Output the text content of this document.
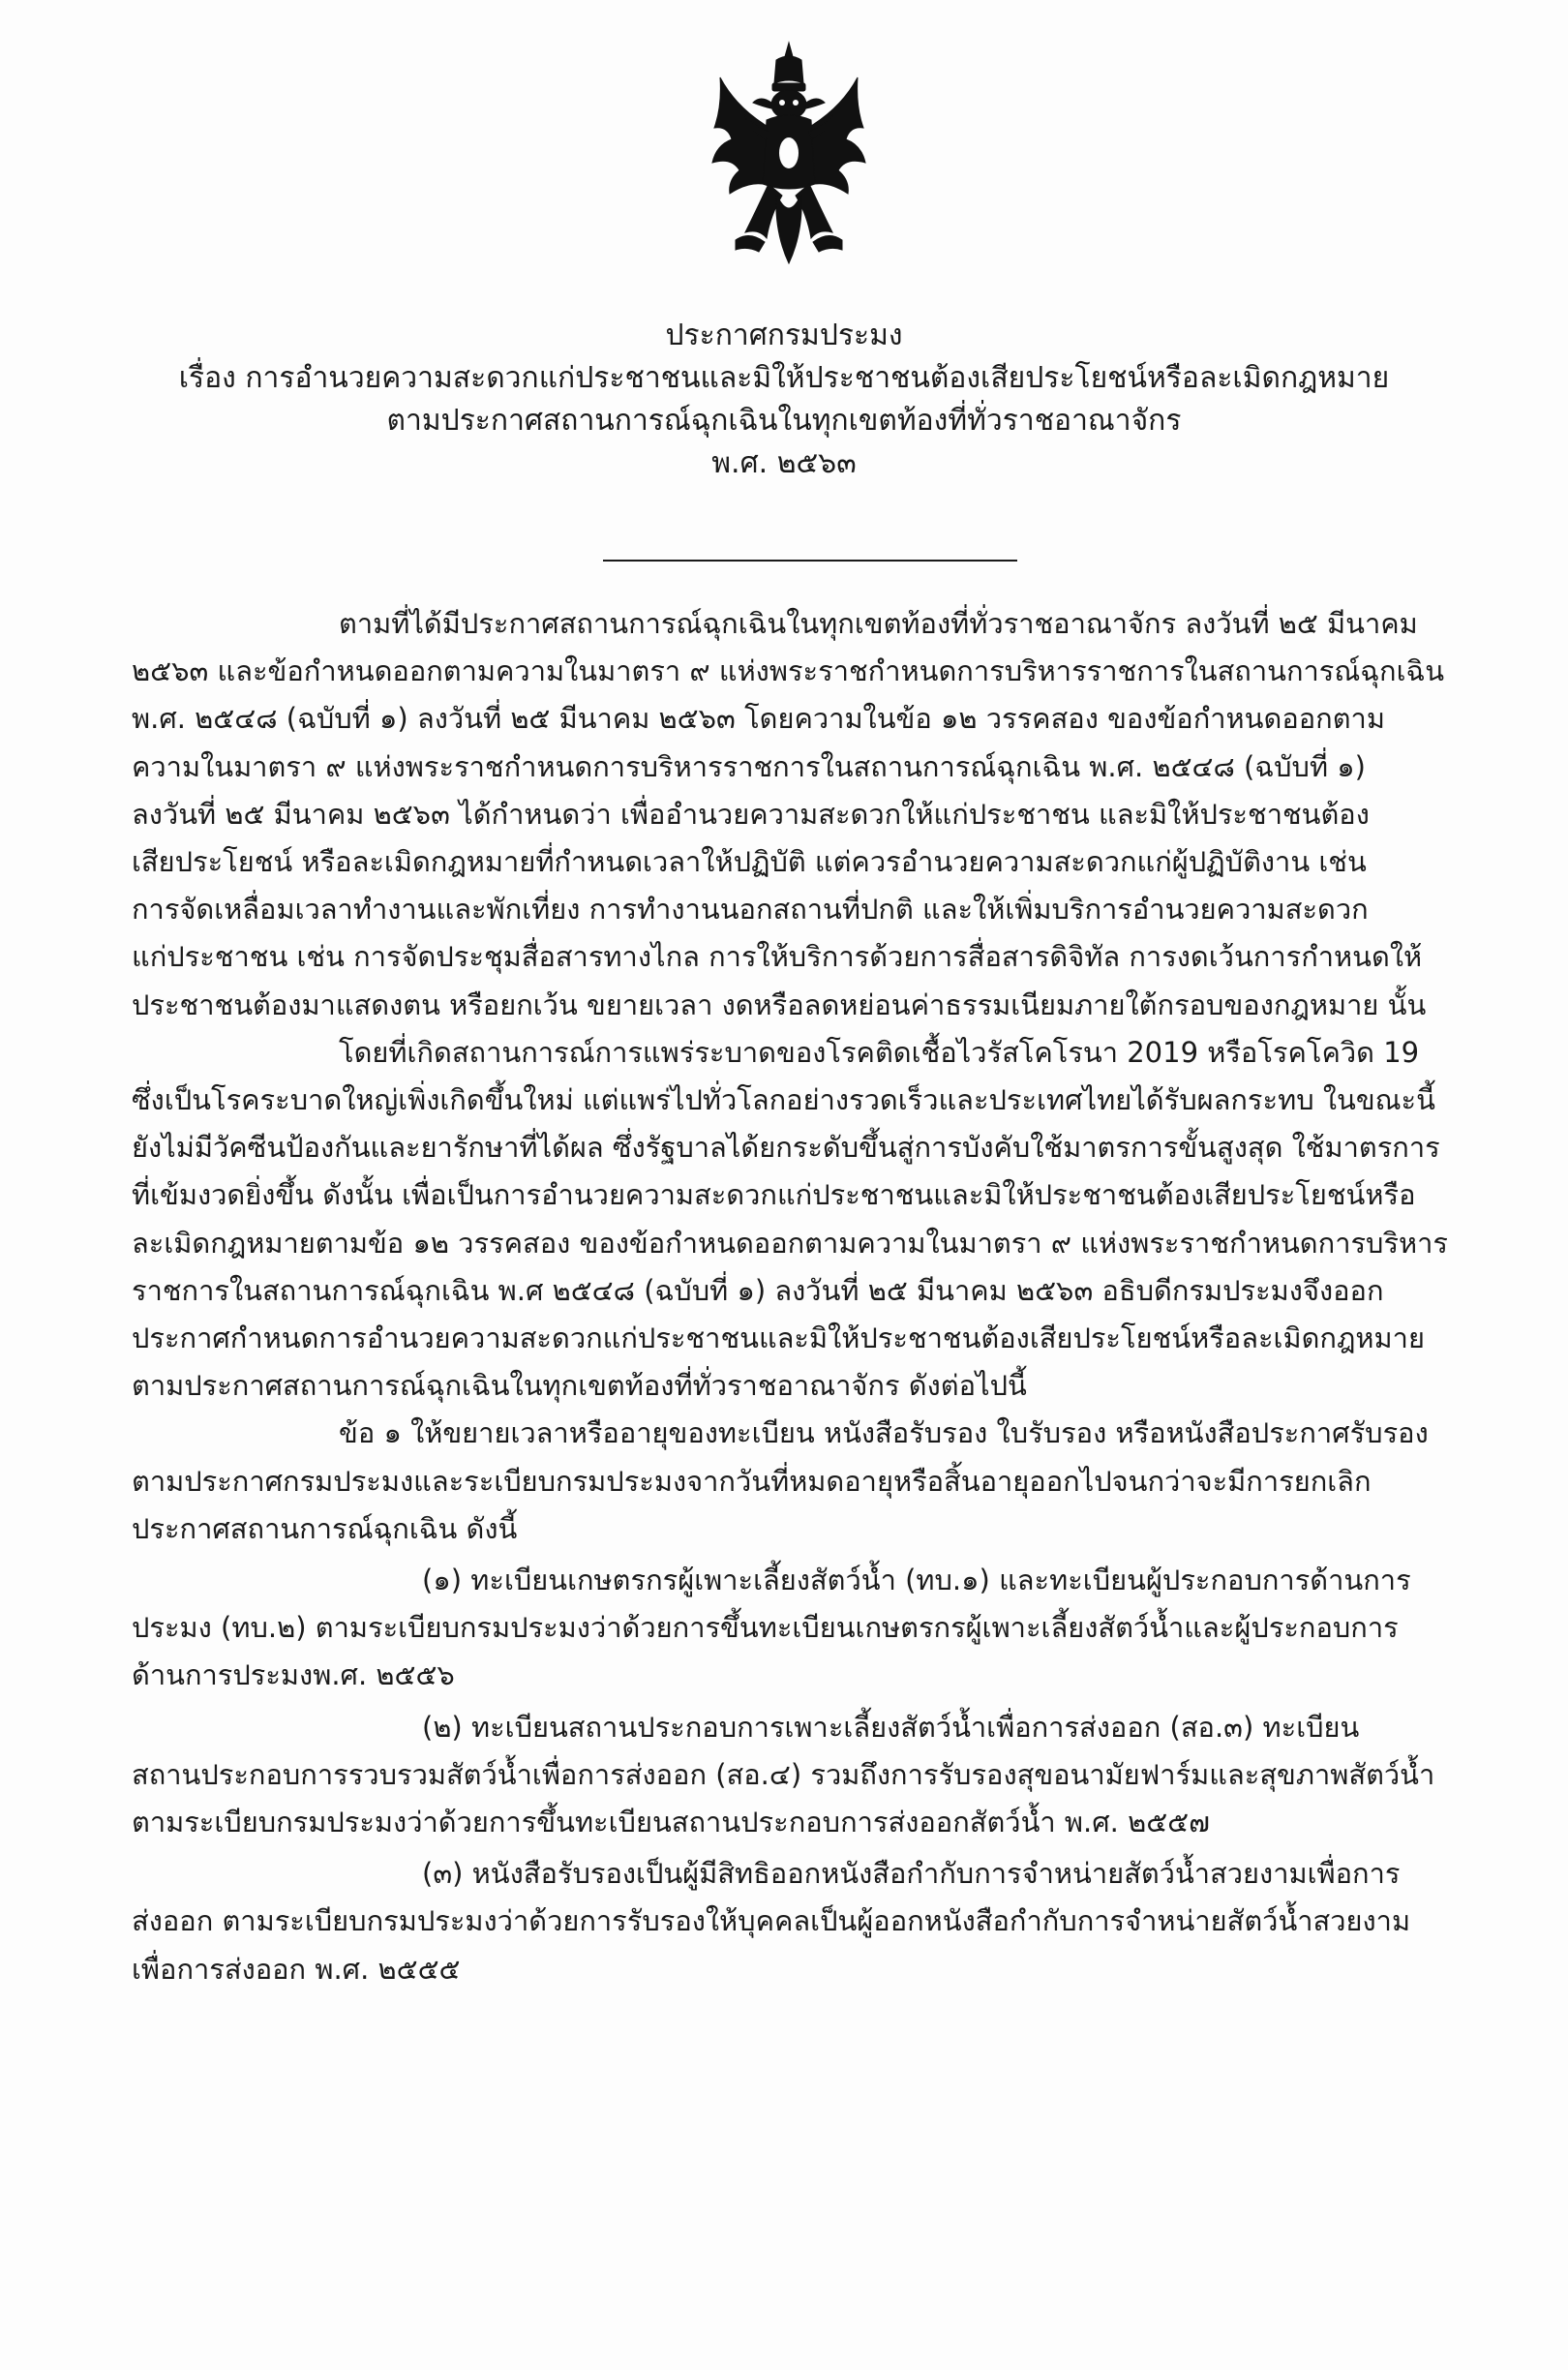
ประกาศกรมประมง
เรื่อง การอำนวยความสะดวกแก่ประชาชนและมิให้ประชาชนต้องเสียประโยชน์หรือละเมิดกฎหมาย
ตามประกาศสถานการณ์ฉุกเฉินในทุกเขตท้องที่ทั่วราชอาณาจักร
พ.ศ. ๒๕๖๓
ตามที่ได้มีประกาศสถานการณ์ฉุกเฉินในทุกเขตท้องที่ทั่วราชอาณาจักร ลงวันที่ ๒๕ มีนาคม
๒๕๖๓ และข้อกำหนดออกตามความในมาตรา ๙ แห่งพระราชกำหนดการบริหารราชการในสถานการณ์ฉุกเฉิน
พ.ศ. ๒๕๔๘ (ฉบับที่ ๑) ลงวันที่ ๒๕ มีนาคม ๒๕๖๓ โดยความในข้อ ๑๒ วรรคสอง ของข้อกำหนดออกตาม
ความในมาตรา ๙ แห่งพระราชกำหนดการบริหารราชการในสถานการณ์ฉุกเฉิน พ.ศ. ๒๕๔๘ (ฉบับที่ ๑)
ลงวันที่ ๒๕ มีนาคม ๒๕๖๓ ได้กำหนดว่า เพื่ออำนวยความสะดวกให้แก่ประชาชน และมิให้ประชาชนต้อง
เสียประโยชน์ หรือละเมิดกฎหมายที่กำหนดเวลาให้ปฏิบัติ แต่ควรอำนวยความสะดวกแก่ผู้ปฏิบัติงาน เช่น
การจัดเหลื่อมเวลาทำงานและพักเที่ยง การทำงานนอกสถานที่ปกติ และให้เพิ่มบริการอำนวยความสะดวก
แก่ประชาชน เช่น การจัดประชุมสื่อสารทางไกล การให้บริการด้วยการสื่อสารดิจิทัล การงดเว้นการกำหนดให้
ประชาชนต้องมาแสดงตน หรือยกเว้น ขยายเวลา งดหรือลดหย่อนค่าธรรมเนียมภายใต้กรอบของกฎหมาย นั้น
โดยที่เกิดสถานการณ์การแพร่ระบาดของโรคติดเชื้อไวรัสโคโรนา 2019 หรือโรคโควิด 19
ซึ่งเป็นโรคระบาดใหญ่เพิ่งเกิดขึ้นใหม่ แต่แพร่ไปทั่วโลกอย่างรวดเร็วและประเทศไทยได้รับผลกระทบ ในขณะนี้
ยังไม่มีวัคซีนป้องกันและยารักษาที่ได้ผล ซึ่งรัฐบาลได้ยกระดับขึ้นสู่การบังคับใช้มาตรการขั้นสูงสุด ใช้มาตรการ
ที่เข้มงวดยิ่งขึ้น ดังนั้น เพื่อเป็นการอำนวยความสะดวกแก่ประชาชนและมิให้ประชาชนต้องเสียประโยชน์หรือ
ละเมิดกฎหมายตามข้อ ๑๒ วรรคสอง ของข้อกำหนดออกตามความในมาตรา ๙ แห่งพระราชกำหนดการบริหาร
ราชการในสถานการณ์ฉุกเฉิน พ.ศ ๒๕๔๘ (ฉบับที่ ๑) ลงวันที่ ๒๕ มีนาคม ๒๕๖๓ อธิบดีกรมประมงจึงออก
ประกาศกำหนดการอำนวยความสะดวกแก่ประชาชนและมิให้ประชาชนต้องเสียประโยชน์หรือละเมิดกฎหมาย
ตามประกาศสถานการณ์ฉุกเฉินในทุกเขตท้องที่ทั่วราชอาณาจักร ดังต่อไปนี้
ข้อ ๑ ให้ขยายเวลาหรืออายุของทะเบียน หนังสือรับรอง ใบรับรอง หรือหนังสือประกาศรับรอง
ตามประกาศกรมประมงและระเบียบกรมประมงจากวันที่หมดอายุหรือสิ้นอายุออกไปจนกว่าจะมีการยกเลิก
ประกาศสถานการณ์ฉุกเฉิน ดังนี้
(๑) ทะเบียนเกษตรกรผู้เพาะเลี้ยงสัตว์น้ำ (ทบ.๑) และทะเบียนผู้ประกอบการด้านการ
ประมง (ทบ.๒) ตามระเบียบกรมประมงว่าด้วยการขึ้นทะเบียนเกษตรกรผู้เพาะเลี้ยงสัตว์น้ำและผู้ประกอบการ
ด้านการประมงพ.ศ. ๒๕๕๖
(๒) ทะเบียนสถานประกอบการเพาะเลี้ยงสัตว์น้ำเพื่อการส่งออก (สอ.๓) ทะเบียน
สถานประกอบการรวบรวมสัตว์น้ำเพื่อการส่งออก (สอ.๔) รวมถึงการรับรองสุขอนามัยฟาร์มและสุขภาพสัตว์น้ำ
ตามระเบียบกรมประมงว่าด้วยการขึ้นทะเบียนสถานประกอบการส่งออกสัตว์น้ำ พ.ศ. ๒๕๕๗
(๓) หนังสือรับรองเป็นผู้มีสิทธิออกหนังสือกำกับการจำหน่ายสัตว์น้ำสวยงามเพื่อการ
ส่งออก ตามระเบียบกรมประมงว่าด้วยการรับรองให้บุคคลเป็นผู้ออกหนังสือกำกับการจำหน่ายสัตว์น้ำสวยงาม
เพื่อการส่งออก พ.ศ. ๒๕๕๕
